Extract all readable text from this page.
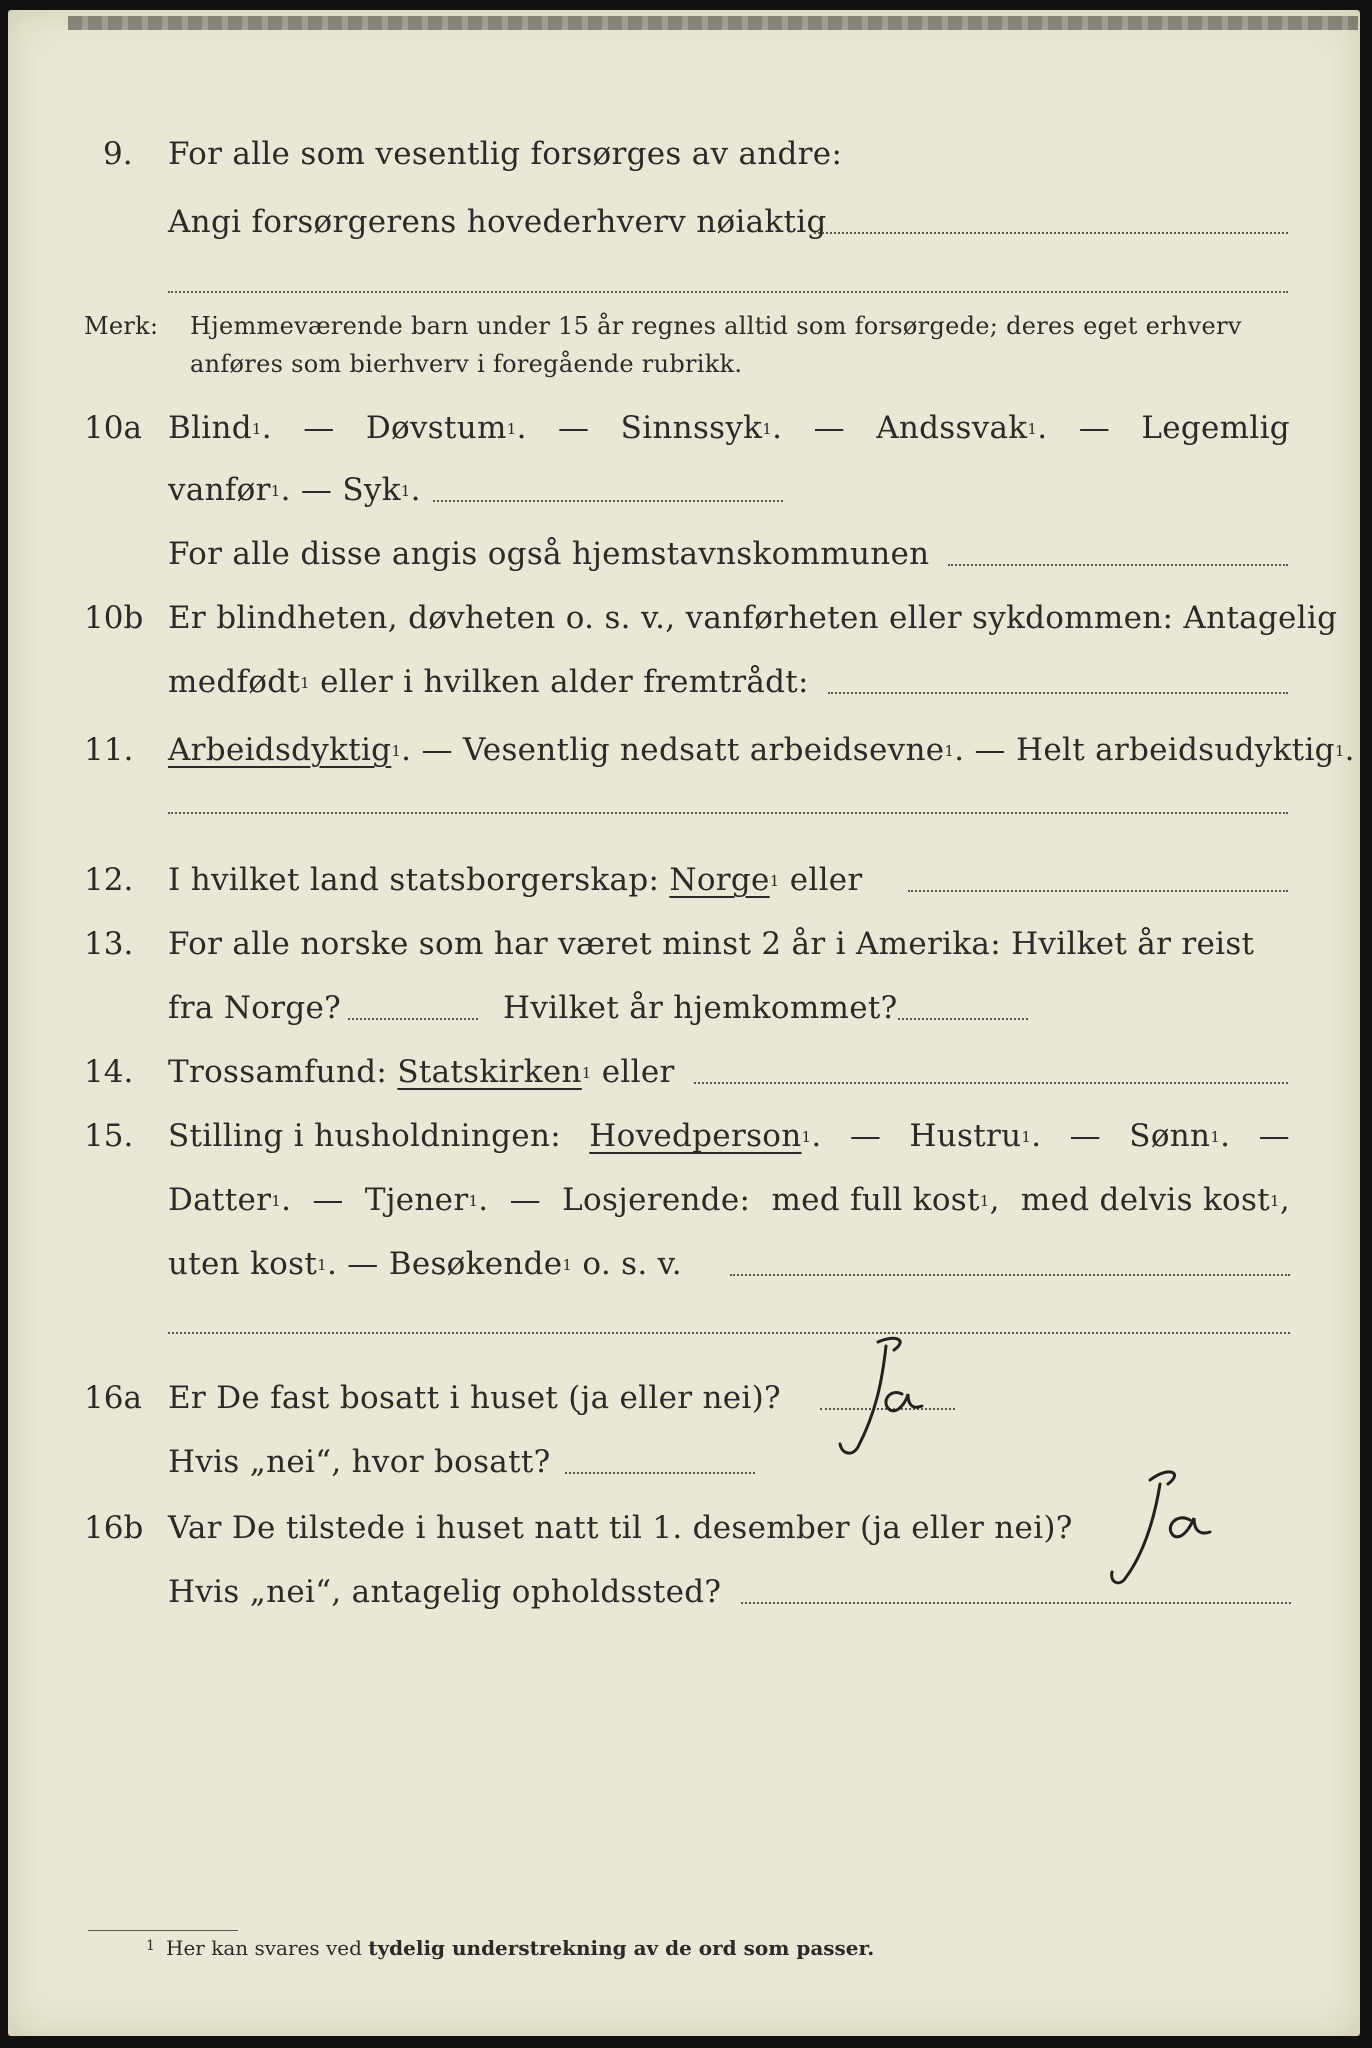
9. For alle som vesentlig forsørges av andre:
Angi forsørgerens hovederhverv nøiaktig
Merk: Hjemmeværende barn under 15 år regnes alltid som forsørgede; deres eget erhverv
anføres som bierhverv i foregående rubrikk.
10a Blind$^1$. — Døvstum$^1$. — Sinnssyk$^1$. — Andssvak$^1$. — Legemlig
vanfør$^1$. — Syk$^1$.
For alle disse angis også hjemstavnskommunen
10b Er blindheten, døvheten o. s. v., vanførheten eller sykdommen: Antagelig
medfødt$^1$ eller i hvilken alder fremtrådt:
11. Arbeidsdyktig$^1$. — Vesentlig nedsatt arbeidsevne$^1$. — Helt arbeidsudyktig$^1$.
12. I hvilket land statsborgerskap: Norge$^1$ eller
13. For alle norske som har været minst 2 år i Amerika: Hvilket år reist
fra Norge?	Hvilket år hjemkommet?
14. Trossamfund: Statskirken$^1$ eller
15. Stilling i husholdningen: Hovedperson$^1$. — Hustru$^1$. — Sønn$^1$. —
Datter$^1$. — Tjener$^1$. — Losjerende: med full kost$^1$, med delvis kost$^1$,
uten kost$^1$. — Besøkende$^1$ o. s. v.
16a Er De fast bosatt i huset (ja eller nei)?
Hvis „nei“, hvor bosatt?
16b Var De tilstede i huset natt til 1. desember (ja eller nei)?
Hvis „nei“, antagelig opholdssted?
1 Her kan svares ved tydelig understrekning av de ord som passer.
